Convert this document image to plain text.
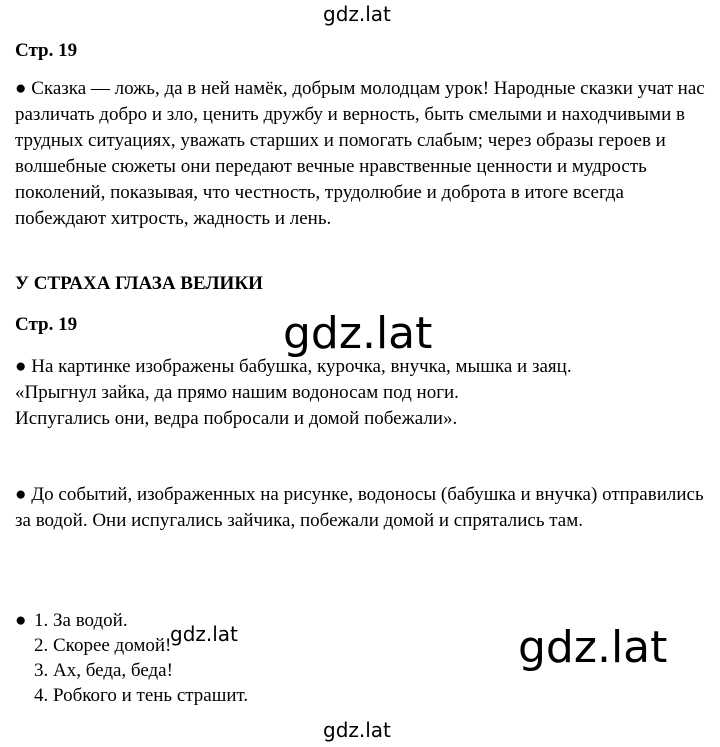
gdz.lat
Стр. 19
● Сказка — ложь, да в ней намёк, добрым молодцам урок! Народные сказки учат нас различать добро и зло, ценить дружбу и верность, быть смелыми и находчивыми в трудных ситуациях, уважать старших и помогать слабым; через образы героев и волшебные сюжеты они передают вечные нравственные ценности и мудрость поколений, показывая, что честность, трудолюбие и доброта в итоге всегда побеждают хитрость, жадность и лень.
У СТРАХА ГЛАЗА ВЕЛИКИ
Стр. 19	gdz.lat
● На картинке изображены бабушка, курочка, внучка, мышка и заяц.
«Прыгнул зайка, да прямо нашим водоносам под ноги.
Испугались они, ведра побросали и домой побежали».
● До событий, изображенных на рисунке, водоносы (бабушка и внучка) отправились за водой. Они испугались зайчика, побежали домой и спрятались там.
● 1. За водой.
2. Скорее домой!
3. Ах, беда, беда!
4. Робкого и тень страшит.
gdz.lat	gdz.lat
gdz.lat
